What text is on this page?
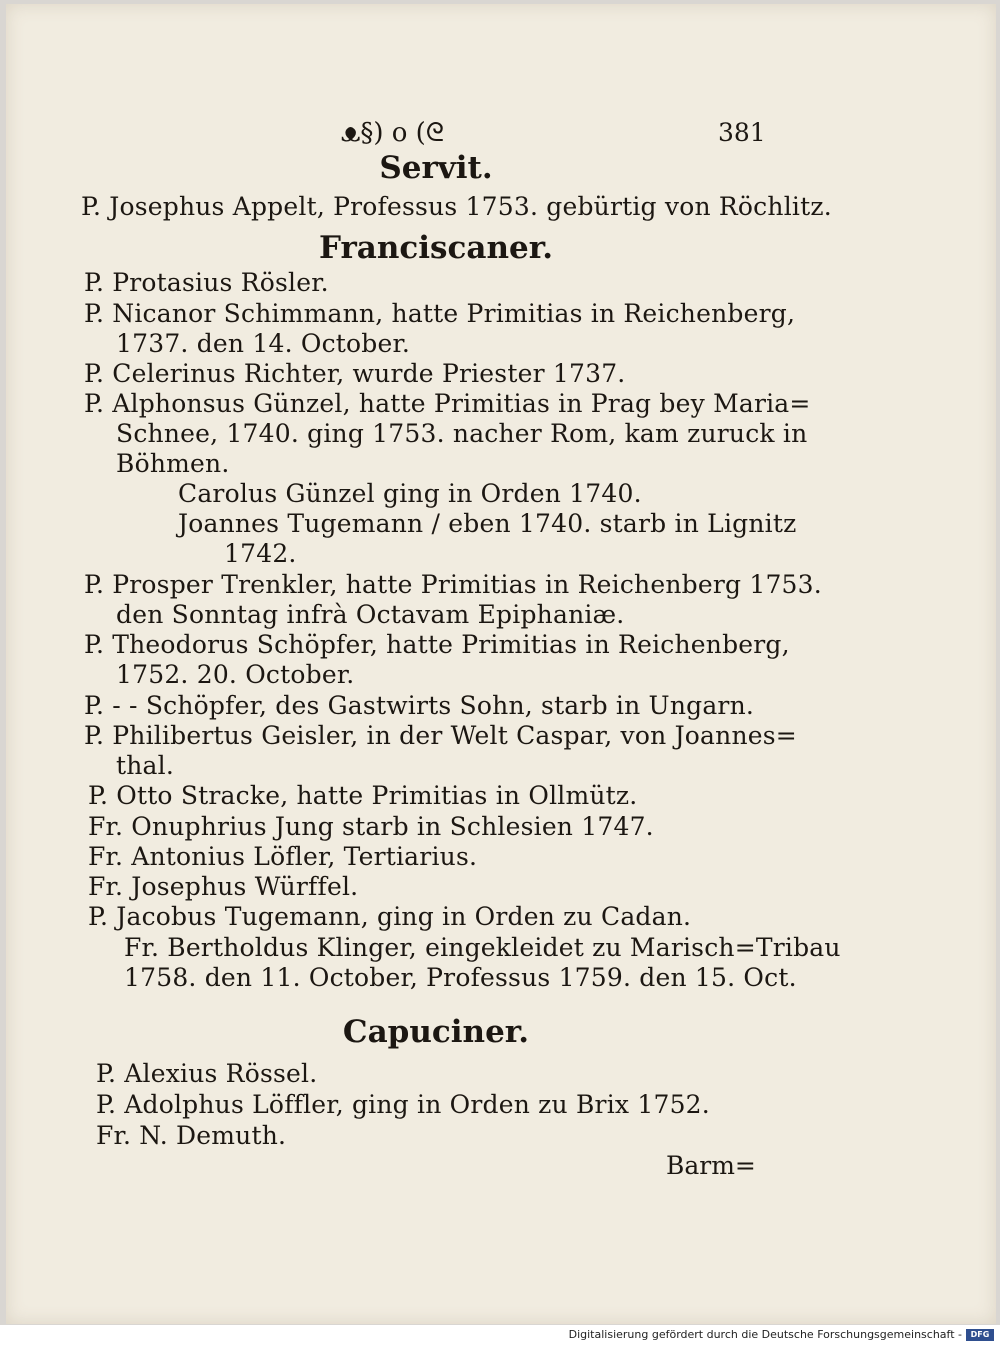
ᴥ§) o (ᘓ	381
Servit.
P. Josephus Appelt, Professus 1753. gebürtig von Röchlitz.
Franciscaner.
P. Protasius Rösler.
P. Nicanor Schimmann, hatte Primitias in Reichenberg,
1737. den 14. October.
P. Celerinus Richter, wurde Priester 1737.
P. Alphonsus Günzel, hatte Primitias in Prag bey Maria=
Schnee, 1740. ging 1753. nacher Rom, kam zuruck in
Böhmen.
Carolus Günzel ging in Orden 1740.
Joannes Tugemann / eben 1740. starb in Lignitz
1742.
P. Prosper Trenkler, hatte Primitias in Reichenberg 1753.
den Sonntag infrà Octavam Epiphaniæ.
P. Theodorus Schöpfer, hatte Primitias in Reichenberg,
1752. 20. October.
P. - - Schöpfer, des Gastwirts Sohn, starb in Ungarn.
P. Philibertus Geisler, in der Welt Caspar, von Joannes=
thal.
P. Otto Stracke, hatte Primitias in Ollmütz.
Fr. Onuphrius Jung starb in Schlesien 1747.
Fr. Antonius Löfler, Tertiarius.
Fr. Josephus Würffel.
P. Jacobus Tugemann, ging in Orden zu Cadan.
Fr. Bertholdus Klinger, eingekleidet zu Marisch=Tribau
1758. den 11. October, Professus 1759. den 15. Oct.
Capuciner.
P. Alexius Rössel.
P. Adolphus Löffler, ging in Orden zu Brix 1752.
Fr. N. Demuth.
Barm=
Digitalisierung gefördert durch die Deutsche Forschungsgemeinschaft -	DFG
